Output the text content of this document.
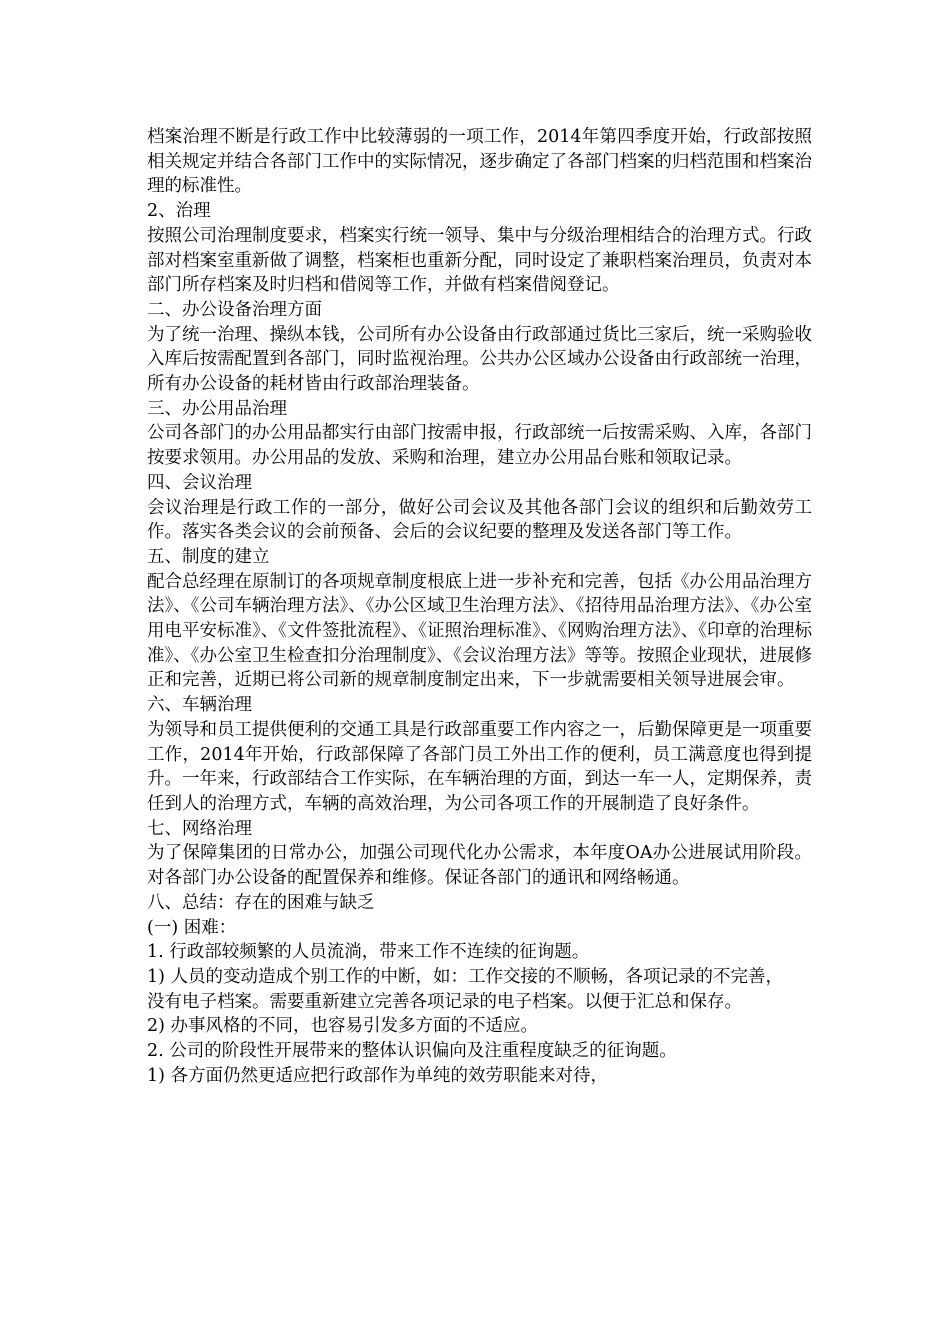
档案治理不断是行政工作中比较薄弱的一项工作，2014年第四季度开始，行政部按照相关规定并结合各部门工作中的实际情况，逐步确定了各部门档案的归档范围和档案治理的标准性。

2、治理

按照公司治理制度要求，档案实行统一领导、集中与分级治理相结合的治理方式。行政部对档案室重新做了调整，档案柜也重新分配，同时设定了兼职档案治理员，负责对本部门所存档案及时归档和借阅等工作，并做有档案借阅登记。

二、办公设备治理方面

为了统一治理、操纵本钱，公司所有办公设备由行政部通过货比三家后，统一采购验收入库后按需配置到各部门，同时监视治理。公共办公区域办公设备由行政部统一治理，所有办公设备的耗材皆由行政部治理装备。

三、办公用品治理

公司各部门的办公用品都实行由部门按需申报，行政部统一后按需采购、入库，各部门按要求领用。办公用品的发放、采购和治理，建立办公用品台账和领取记录。

四、会议治理

会议治理是行政工作的一部分，做好公司会议及其他各部门会议的组织和后勤效劳工作。落实各类会议的会前预备、会后的会议纪要的整理及发送各部门等工作。

五、制度的建立

配合总经理在原制订的各项规章制度根底上进一步补充和完善，包括《办公用品治理方法》、《公司车辆治理方法》、《办公区域卫生治理方法》、《招待用品治理方法》、《办公室用电平安标准》、《文件签批流程》、《证照治理标准》、《网购治理方法》、《印章的治理标准》、《办公室卫生检查扣分治理制度》、《会议治理方法》等等。按照企业现状，进展修正和完善，近期已将公司新的规章制度制定出来，下一步就需要相关领导进展会审。

六、车辆治理

为领导和员工提供便利的交通工具是行政部重要工作内容之一，后勤保障更是一项重要工作，2014年开始，行政部保障了各部门员工外出工作的便利，员工满意度也得到提升。一年来，行政部结合工作实际，在车辆治理的方面，到达一车一人，定期保养，责任到人的治理方式，车辆的高效治理，为公司各项工作的开展制造了良好条件。

七、网络治理

为了保障集团的日常办公，加强公司现代化办公需求，本年度OA办公进展试用阶段。对各部门办公设备的配置保养和维修。保证各部门的通讯和网络畅通。

八、总结：存在的困难与缺乏

(一) 困难：

1. 行政部较频繁的人员流淌，带来工作不连续的征询题。

1) 人员的变动造成个别工作的中断，如：工作交接的不顺畅，各项记录的不完善，

没有电子档案。需要重新建立完善各项记录的电子档案。以便于汇总和保存。

2) 办事风格的不同，也容易引发多方面的不适应。

2. 公司的阶段性开展带来的整体认识偏向及注重程度缺乏的征询题。

1) 各方面仍然更适应把行政部作为单纯的效劳职能来对待，
